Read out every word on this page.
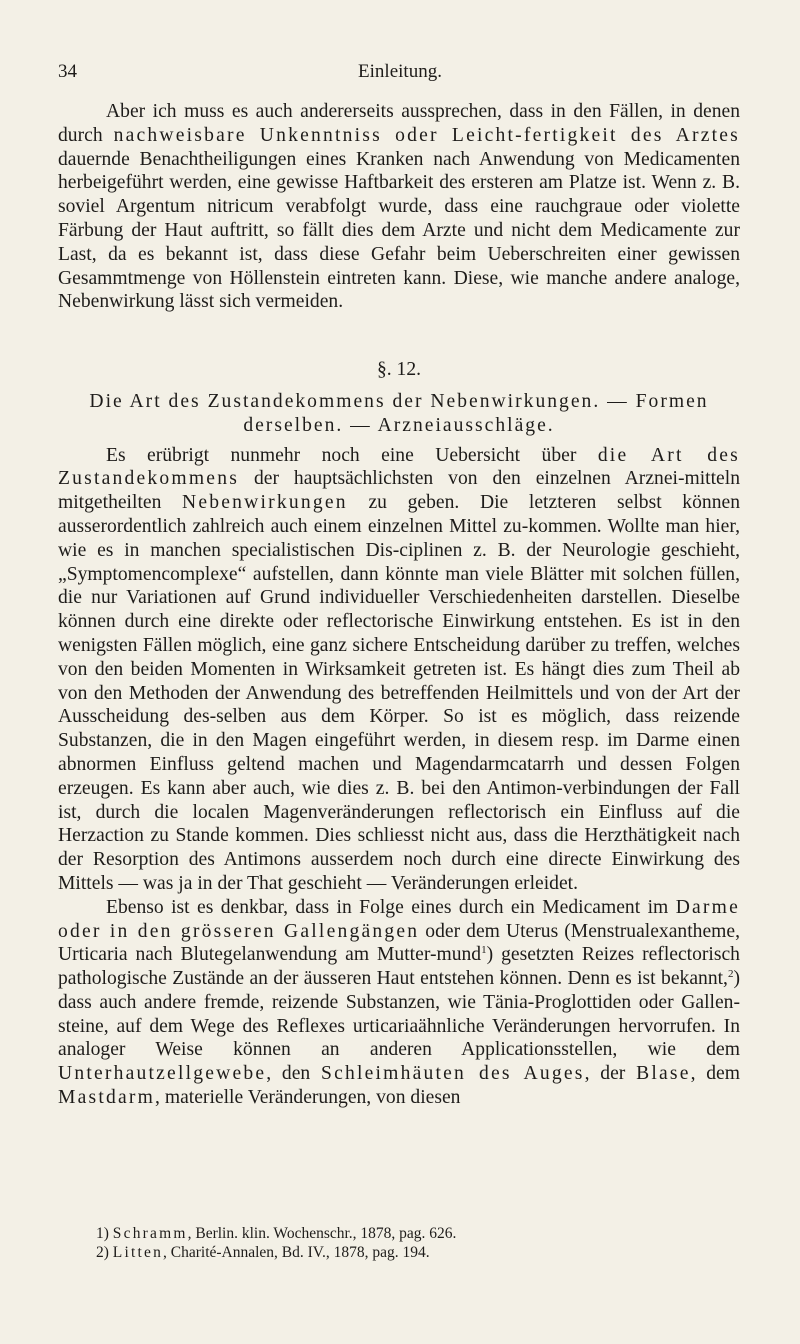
34	Einleitung.

Aber ich muss es auch andererseits aussprechen, dass in den Fällen, in denen durch nachweisbare Unkenntniss oder Leicht-fertigkeit des Arztes dauernde Benachtheiligungen eines Kranken nach Anwendung von Medicamenten herbeigeführt werden, eine gewisse Haftbarkeit des ersteren am Platze ist. Wenn z. B. soviel Argentum nitricum verabfolgt wurde, dass eine rauchgraue oder violette Färbung der Haut auftritt, so fällt dies dem Arzte und nicht dem Medicamente zur Last, da es bekannt ist, dass diese Gefahr beim Ueberschreiten einer gewissen Gesammtmenge von Höllenstein eintreten kann. Diese, wie manche andere analoge, Nebenwirkung lässt sich vermeiden.

§. 12.
Die Art des Zustandekommens der Nebenwirkungen. — Formen derselben. — Arzneiausschläge.

Es erübrigt nunmehr noch eine Uebersicht über die Art des Zustandekommens der hauptsächlichsten von den einzelnen Arznei-mitteln mitgetheilten Nebenwirkungen zu geben. Die letzteren selbst können ausserordentlich zahlreich auch einem einzelnen Mittel zu-kommen. Wollte man hier, wie es in manchen specialistischen Dis-ciplinen z. B. der Neurologie geschieht, „Symptomencomplexe“ aufstellen, dann könnte man viele Blätter mit solchen füllen, die nur Variationen auf Grund individueller Verschiedenheiten darstellen. Dieselbe können durch eine direkte oder reflectorische Einwirkung entstehen. Es ist in den wenigsten Fällen möglich, eine ganz sichere Entscheidung darüber zu treffen, welches von den beiden Momenten in Wirksamkeit getreten ist. Es hängt dies zum Theil ab von den Methoden der Anwendung des betreffenden Heilmittels und von der Art der Ausscheidung des-selben aus dem Körper. So ist es möglich, dass reizende Substanzen, die in den Magen eingeführt werden, in diesem resp. im Darme einen abnormen Einfluss geltend machen und Magendarmcatarrh und dessen Folgen erzeugen. Es kann aber auch, wie dies z. B. bei den Antimon-verbindungen der Fall ist, durch die localen Magenveränderungen reflectorisch ein Einfluss auf die Herzaction zu Stande kommen. Dies schliesst nicht aus, dass die Herzthätigkeit nach der Resorption des Antimons ausserdem noch durch eine directe Einwirkung des Mittels — was ja in der That geschieht — Veränderungen erleidet.

Ebenso ist es denkbar, dass in Folge eines durch ein Medicament im Darme oder in den grösseren Gallengängen oder dem Uterus (Menstrualexantheme, Urticaria nach Blutegelanwendung am Mutter-mund$^1$) gesetzten Reizes reflectorisch pathologische Zustände an der äusseren Haut entstehen können. Denn es ist bekannt,$^2$) dass auch andere fremde, reizende Substanzen, wie Tänia-Proglottiden oder Gallen-steine, auf dem Wege des Reflexes urticariaähnliche Veränderungen hervorrufen. In analoger Weise können an anderen Applicationsstellen, wie dem Unterhautzellgewebe, den Schleimhäuten des Auges, der Blase, dem Mastdarm, materielle Veränderungen, von diesen

1) Schramm, Berlin. klin. Wochenschr., 1878, pag. 626.
2) Litten, Charité-Annalen, Bd. IV., 1878, pag. 194.
